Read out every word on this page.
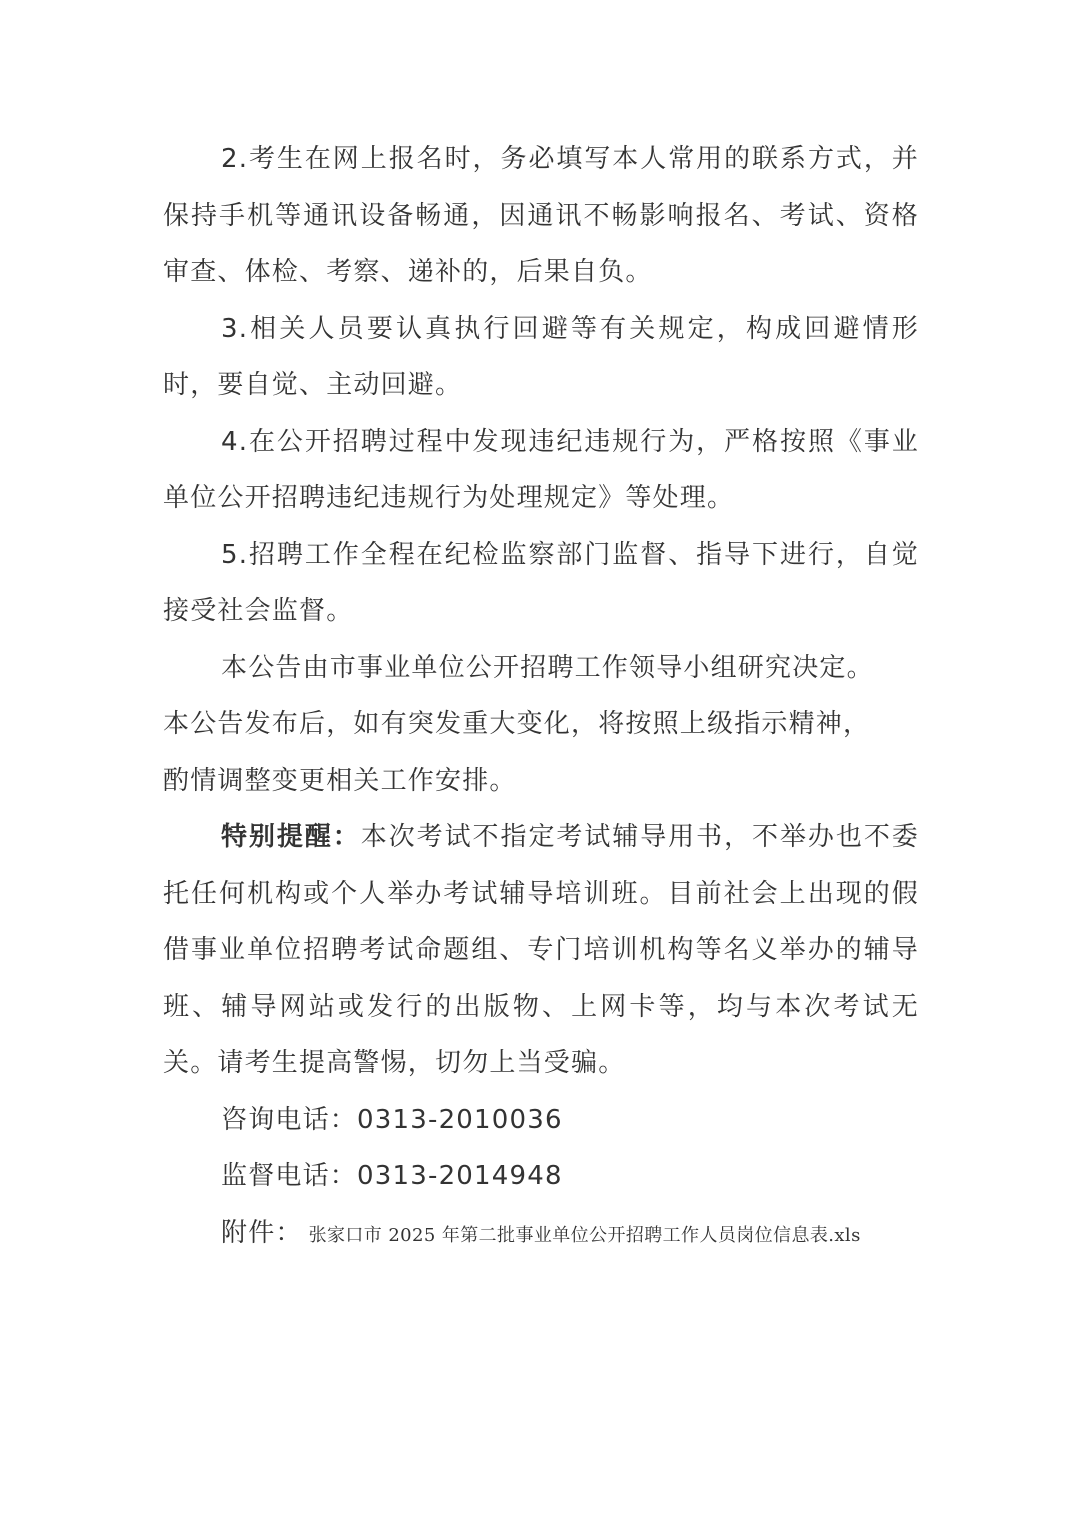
2.考生在网上报名时，务必填写本人常用的联系方式，并保持手机等通讯设备畅通，因通讯不畅影响报名、考试、资格审查、体检、考察、递补的，后果自负。

3.相关人员要认真执行回避等有关规定，构成回避情形时，要自觉、主动回避。

4.在公开招聘过程中发现违纪违规行为，严格按照《事业单位公开招聘违纪违规行为处理规定》等处理。

5.招聘工作全程在纪检监察部门监督、指导下进行，自觉接受社会监督。

本公告由市事业单位公开招聘工作领导小组研究决定。
本公告发布后，如有突发重大变化，将按照上级指示精神，
酌情调整变更相关工作安排。

特别提醒：本次考试不指定考试辅导用书，不举办也不委托任何机构或个人举办考试辅导培训班。目前社会上出现的假借事业单位招聘考试命题组、专门培训机构等名义举办的辅导班、辅导网站或发行的出版物、上网卡等，均与本次考试无关。请考生提高警惕，切勿上当受骗。

咨询电话：0313-2010036
监督电话：0313-2014948
附件： 张家口市 2025 年第二批事业单位公开招聘工作人员岗位信息表.xls
